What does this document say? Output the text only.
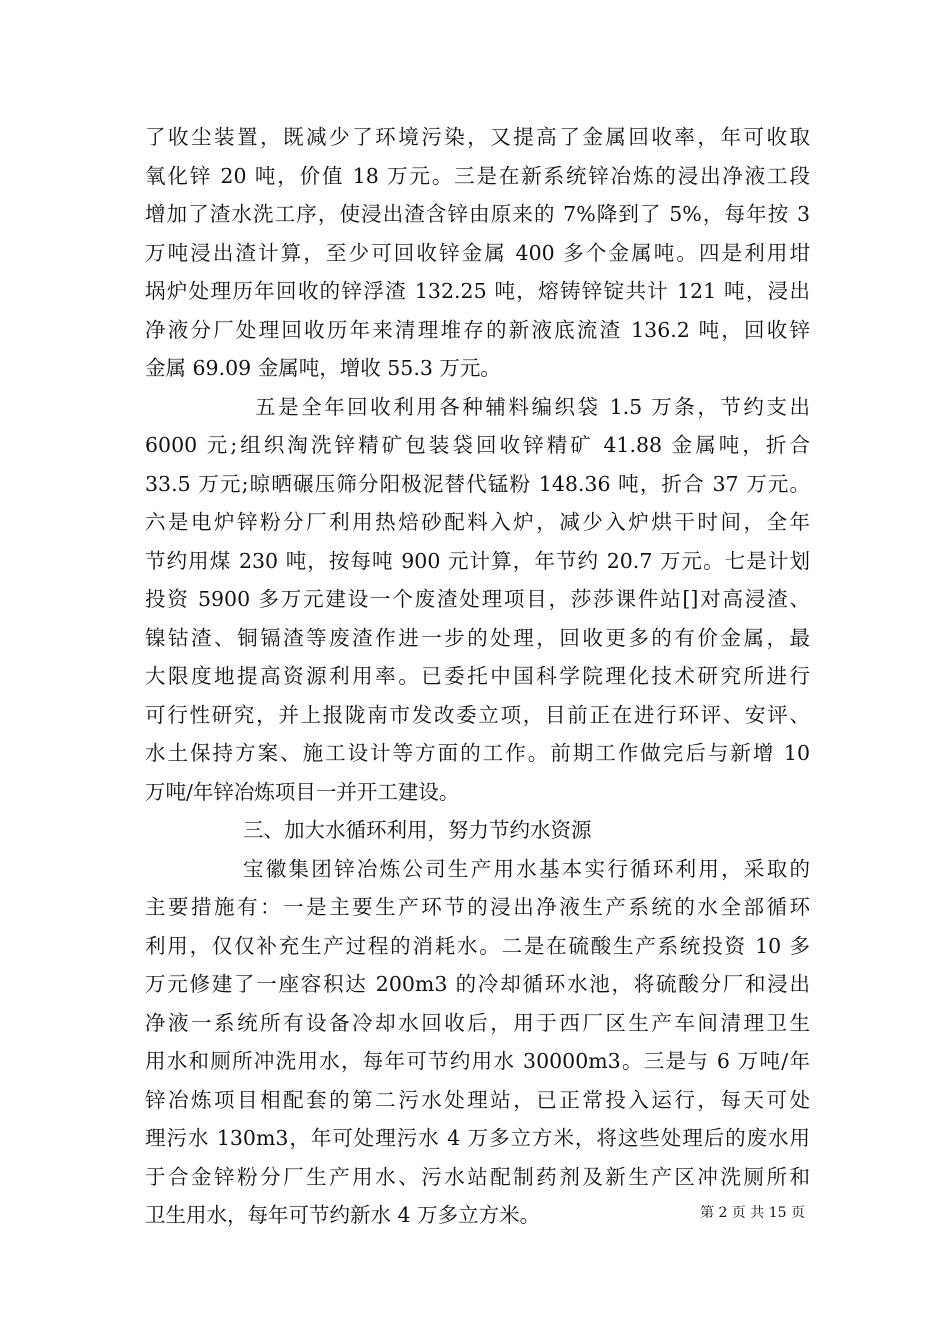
了收尘装置，既减少了环境污染，又提高了金属回收率，年可收取
氧化锌 20 吨，价值 18 万元。三是在新系统锌冶炼的浸出净液工段
增加了渣水洗工序，使浸出渣含锌由原来的 7%降到了 5%，每年按 3
万吨浸出渣计算，至少可回收锌金属 400 多个金属吨。四是利用坩
埚炉处理历年回收的锌浮渣 132.25 吨，熔铸锌锭共计 121 吨，浸出
净液分厂处理回收历年来清理堆存的新液底流渣 136.2 吨，回收锌
金属 69.09 金属吨，增收 55.3 万元。
五是全年回收利用各种辅料编织袋 1.5 万条，节约支出
6000 元;组织淘洗锌精矿包装袋回收锌精矿 41.88 金属吨，折合
33.5 万元;晾晒碾压筛分阳极泥替代锰粉 148.36 吨，折合 37 万元。
六是电炉锌粉分厂利用热焙砂配料入炉，减少入炉烘干时间，全年
节约用煤 230 吨，按每吨 900 元计算，年节约 20.7 万元。七是计划
投资 5900 多万元建设一个废渣处理项目，莎莎课件站[]对高浸渣、
镍钴渣、铜镉渣等废渣作进一步的处理，回收更多的有价金属，最
大限度地提高资源利用率。已委托中国科学院理化技术研究所进行
可行性研究，并上报陇南市发改委立项，目前正在进行环评、安评、
水土保持方案、施工设计等方面的工作。前期工作做完后与新增 10
万吨/年锌冶炼项目一并开工建设。
三、加大水循环利用，努力节约水资源
宝徽集团锌冶炼公司生产用水基本实行循环利用，采取的
主要措施有：一是主要生产环节的浸出净液生产系统的水全部循环
利用，仅仅补充生产过程的消耗水。二是在硫酸生产系统投资 10 多
万元修建了一座容积达 200m3 的冷却循环水池，将硫酸分厂和浸出
净液一系统所有设备冷却水回收后，用于西厂区生产车间清理卫生
用水和厕所冲洗用水，每年可节约用水 30000m3。三是与 6 万吨/年
锌冶炼项目相配套的第二污水处理站，已正常投入运行，每天可处
理污水 130m3，年可处理污水 4 万多立方米，将这些处理后的废水用
于合金锌粉分厂生产用水、污水站配制药剂及新生产区冲洗厕所和
卫生用水，每年可节约新水 4 万多立方米。	第 2 页 共 15 页
